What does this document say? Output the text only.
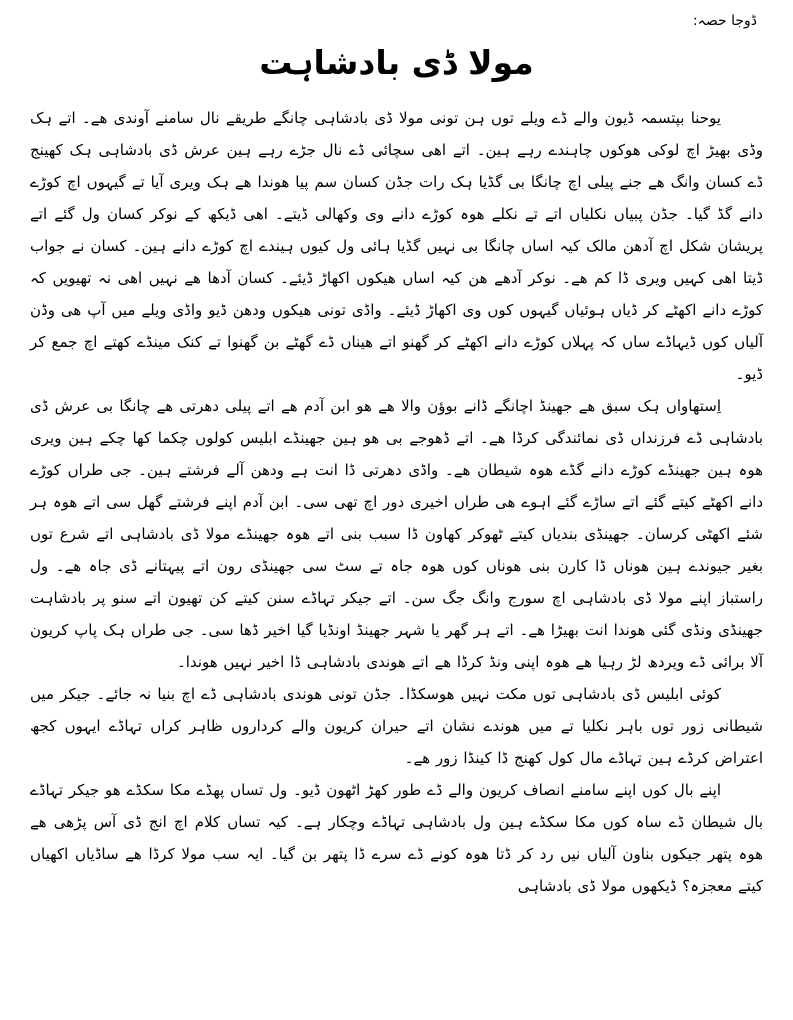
ڈوجا حصہ:
مولا ڈی بادشاہت

یوحنا بپتسمہ ڈیون والے ڈے ویلے توں ہن تونی مولا ڈی بادشاہی چانگے طریقے نال سامنے آوندی ھے۔ اتے ہک وڈی بھیڑ اچ لوکی ھوکوں چاہندے رہے ہین۔ اتے اھی سچائی ڈے نال جڑے رہے ہین عرش ڈی بادشاہی ہک کھینج ڈے کسان وانگ ھے جنے پیلی اچ چانگا بی گڈیا ہک رات جڈن کسان سم پیا ھوندا ھے ہک ویری آیا تے گیہوں اچ کوڑے دانے گڈ گیا۔ جڈن پبیاں نکلیاں اتے تے نکلے ھوہ کوڑے دانے وی وکھالی ڈیتے۔ اھی ڈیکھ کے نوکر کسان ول گئے اتے پریشان شکل اچ آدھن مالک کیہ اساں چانگا بی نہیں گڈیا ہائی ول کیوں ہیندے اچ کوڑے دانے ہین۔ کسان نے جواب ڈیتا اھی کہیں ویری ڈا کم ھے۔ نوکر آدھے ھن کیہ اساں ھیکوں اکھاڑ ڈیئے۔ کسان آدھا ھے نہیں اھی نہ تھیویں کہ کوڑے دانے اکھٹے کر ڈیاں ہوئیاں گیہوں کوں وی اکھاڑ ڈیئے۔ واڈی تونی ھیکوں ودھن ڈیو واڈی ویلے میں آپ ھی وڈن آلیاں کوں ڈیہاڈے ساں کہ پہلاں کوڑے دانے اکھٹے کر گھنو اتے ھیناں ڈے گھٹے بن گھنوا تے کنک مینڈے کھتے اچ جمع کر ڈیو۔

اِستھاواں ہک سبق ھے جھینڈ اچانگے ڈانے بوؤن والا ھے ھو ابن آدم ھے اتے پیلی دھرتی ھے چانگا بی عرش ڈی بادشاہی ڈے فرزنداں ڈی نمائندگی کرڈا ھے۔ اتے ڈھوجے بی ھو ہین جھینڈے ابلیس کولوں چکما کھا چکے ہین ویری ھوہ ہین جھینڈے کوڑے دانے گڈے ھوہ شیطان ھے۔ واڈی دھرتی ڈا انت ہے ودھن آلے فرشتے ہین۔ جی طراں کوڑے دانے اکھٹے کیتے گئے اتے ساڑے گئے اہوے ھی طراں اخیری دور اچ تھی سی۔ ابن آدم اپنے فرشتے گھل سی اتے ھوہ ہر شئے اکھٹی کرسان۔ جھینڈی بندیاں کیتے ٹھوکر کھاون ڈا سبب بنی اتے ھوہ جھینڈے مولا ڈی بادشاہی اتے شرع توں بغیر جیوندے ہین ھوناں ڈا کارن بنی ھوناں کوں ھوہ جاہ تے سٹ سی جھینڈی رون اتے پیہتانے ڈی جاہ ھے۔ ول راستباز اپنے مولا ڈی بادشاہی اچ سورج وانگ جگ سن۔ اتے جیکر تہاڈے سنن کیتے کن تھیون اتے سنو پر بادشاہت جھینڈی ونڈی گئی ھوندا انت بھیڑا ھے۔ اتے ہر گھر یا شہر جھینڈ اونڈیا گیا اخیر ڈھا سی۔ جی طراں ہک پاپ کریون آلا برائی ڈے ویردھ لڑ رہیا ھے ھوہ اپنی ونڈ کرڈا ھے اتے ھوندی بادشاہی ڈا اخیر نہیں ھوندا۔

کوئی ابلیس ڈی بادشاہی توں مکت نہیں ھوسکڈا۔ جڈن تونی ھوندی بادشاہی ڈے اچ بنیا نہ جائے۔ جیکر میں شیطانی زور توں باہر نکلیا تے میں ھوندے نشان اتے حیران کریون والے کرداروں ظاہر کراں تہاڈے ایہوں کجھ اعتراض کرڈے ہین تہاڈے مال کول کھنج ڈا کینڈا زور ھے۔

اپنے بال کوں اپنے سامنے انصاف کریون والے ڈے طور کھڑ اٹھون ڈیو۔ ول تساں پھڈے مکا سکڈے ھو جیکر تہاڈے بال شیطان ڈے ساہ کوں مکا سکڈے ہین ول بادشاہی تہاڈے وچکار ہے۔ کیہ تساں کلام اچ انج ڈی آس پڑھی ھے ھوہ پتھر جیکوں بناون آلیاں نیں رد کر ڈتا ھوہ کونے ڈے سرے ڈا پتھر بن گیا۔ ایہ سب مولا کرڈا ھے ساڈیاں اکھیاں کیتے معجزہ؟ ڈیکھوں مولا ڈی بادشاہی
